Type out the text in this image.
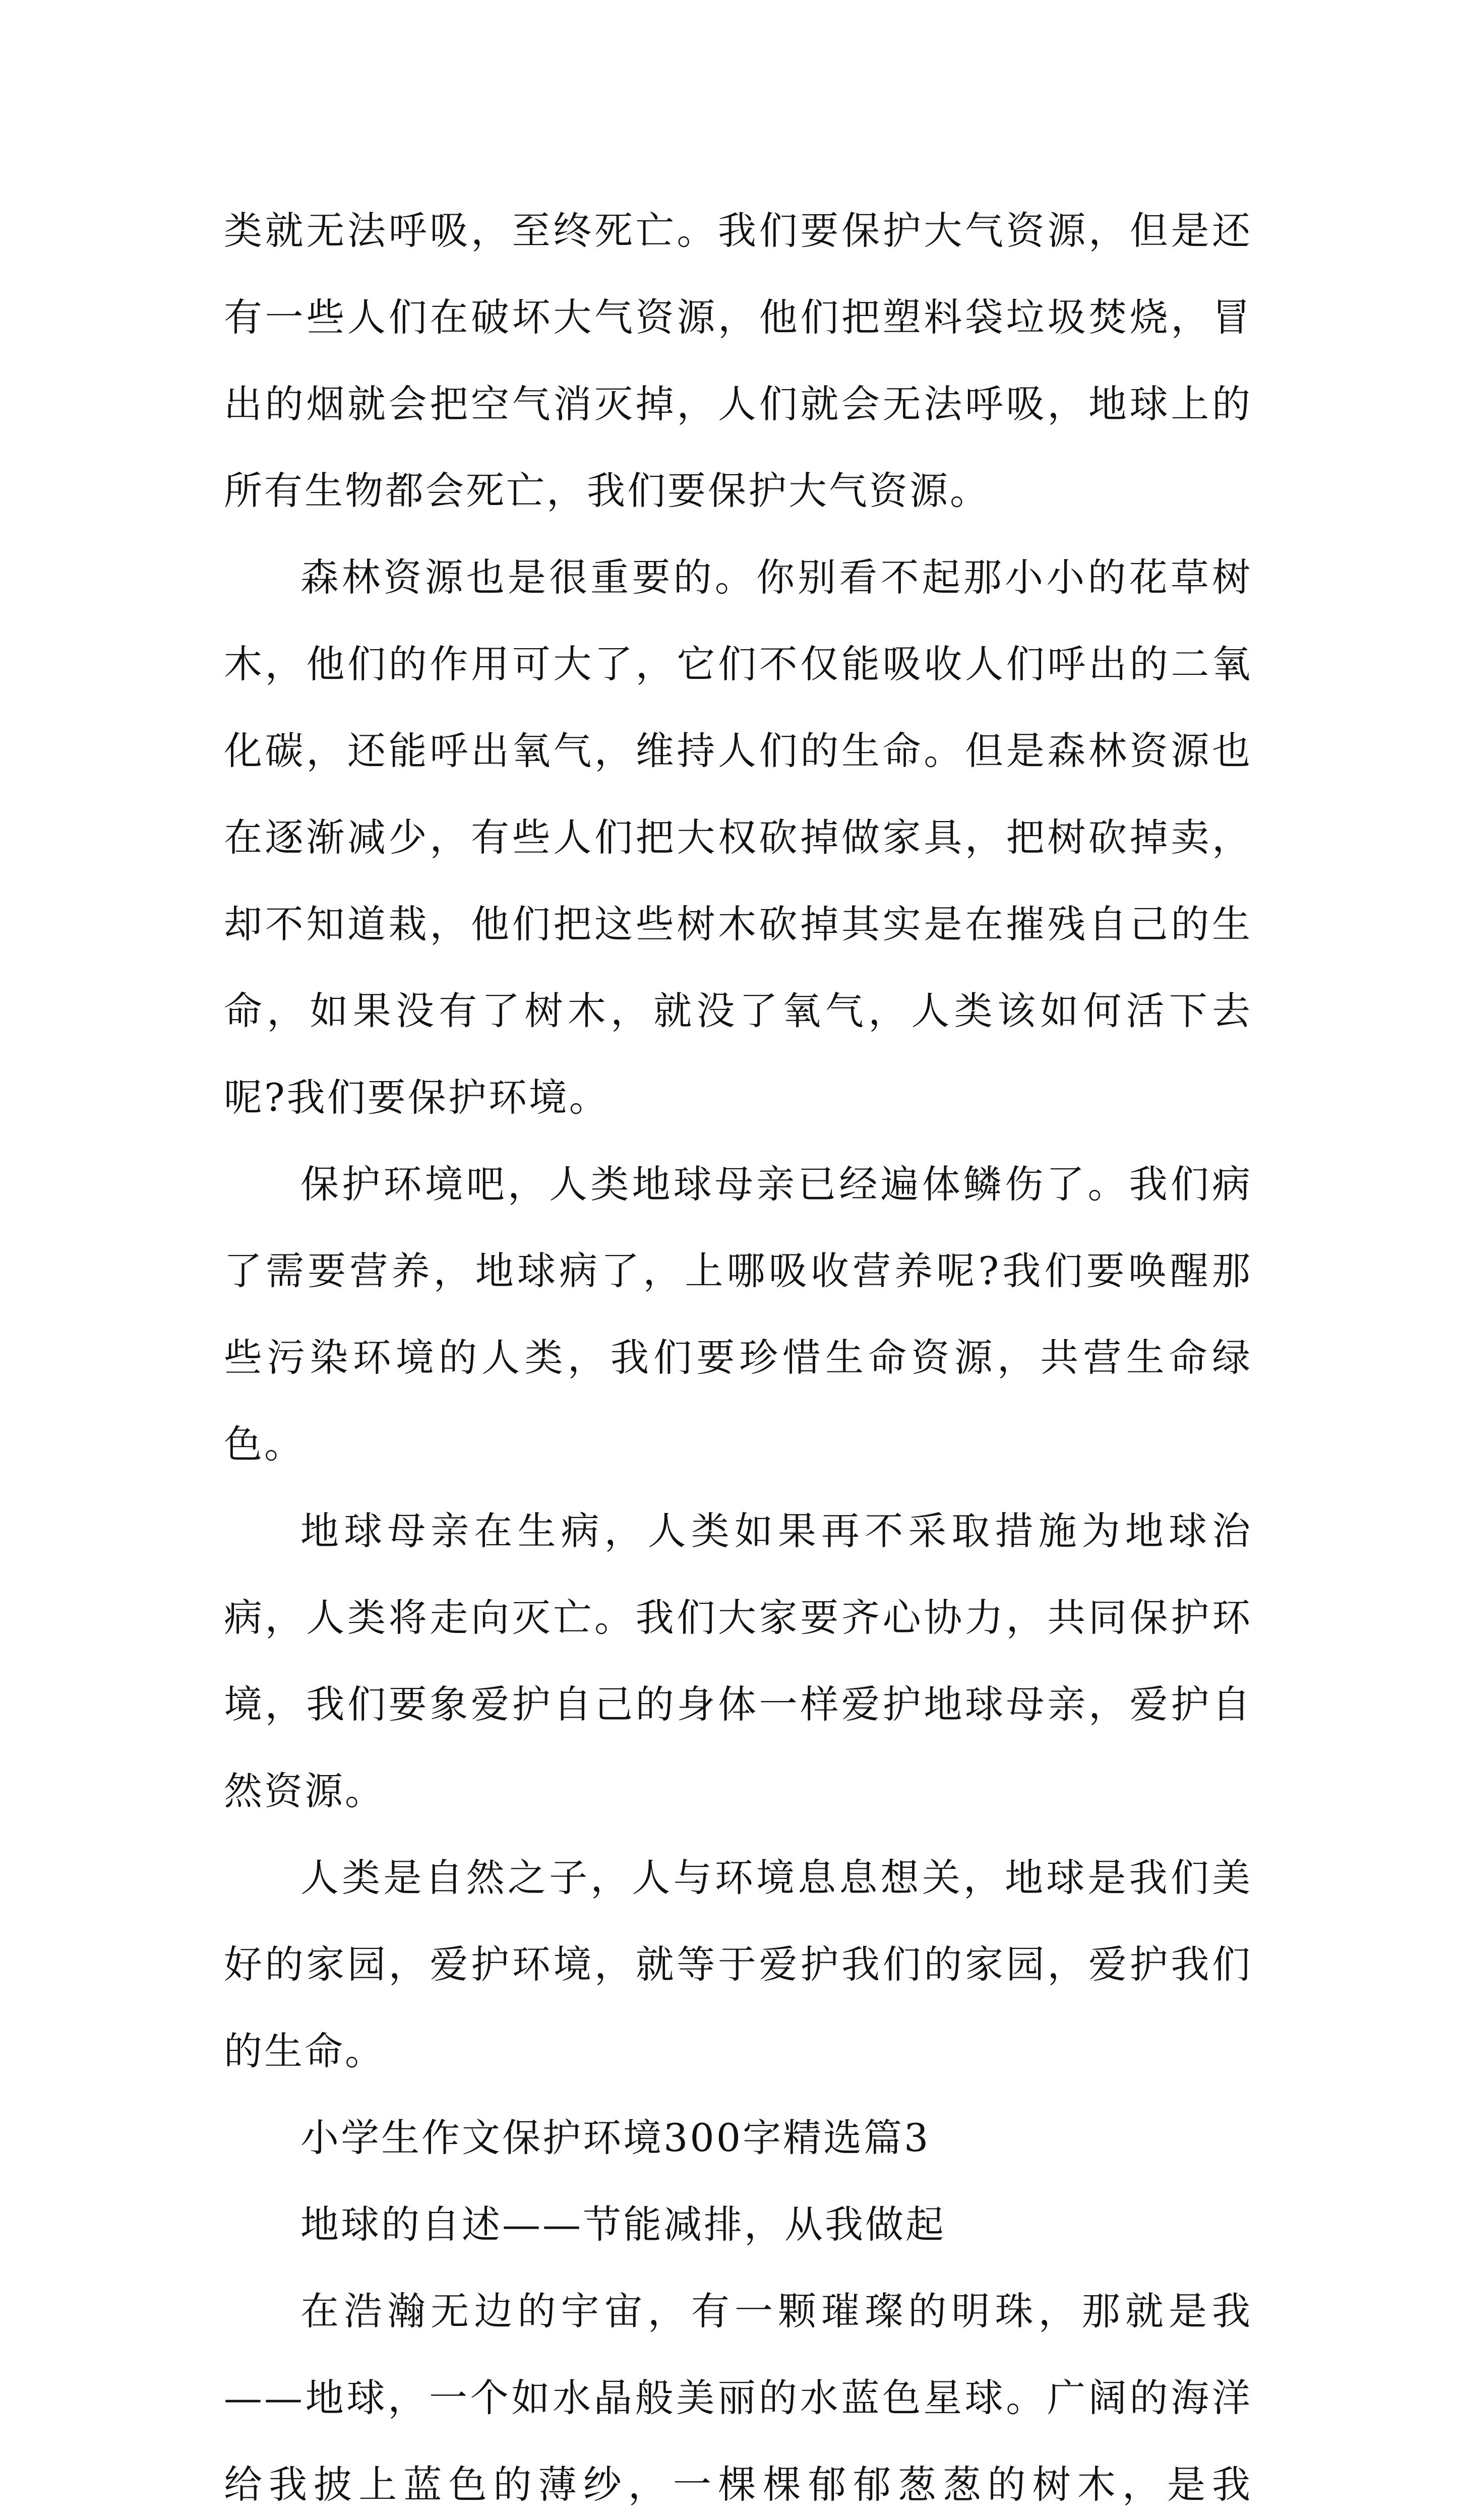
类就无法呼吸，至终死亡。我们要保护大气资源，但是还有一些人们在破坏大气资源，他们把塑料袋垃圾焚烧，冒出的烟就会把空气消灭掉，人们就会无法呼吸，地球上的所有生物都会死亡，我们要保护大气资源。

森林资源也是很重要的。你别看不起那小小的花草树木，他们的作用可大了，它们不仅能吸收人们呼出的二氧化碳，还能呼出氧气，维持人们的生命。但是森林资源也在逐渐减少，有些人们把大权砍掉做家具，把树砍掉卖，却不知道栽，他们把这些树木砍掉其实是在摧残自己的生命，如果没有了树木，就没了氧气，人类该如何活下去呢?我们要保护环境。

保护环境吧，人类地球母亲已经遍体鳞伤了。我们病了需要营养，地球病了，上哪吸收营养呢?我们要唤醒那些污染环境的人类，我们要珍惜生命资源，共营生命绿色。

地球母亲在生病，人类如果再不采取措施为地球治病，人类将走向灭亡。我们大家要齐心协力，共同保护环境，我们要象爱护自己的身体一样爱护地球母亲，爱护自然资源。

人类是自然之子，人与环境息息想关，地球是我们美好的家园，爱护环境，就等于爱护我们的家园，爱护我们的生命。

小学生作文保护环境300字精选篇3

地球的自述——节能减排，从我做起

在浩瀚无边的宇宙，有一颗璀璨的明珠，那就是我——地球，一个如水晶般美丽的水蓝色星球。广阔的海洋给我披上蓝色的薄纱，一棵棵郁郁葱葱的树木，是我
